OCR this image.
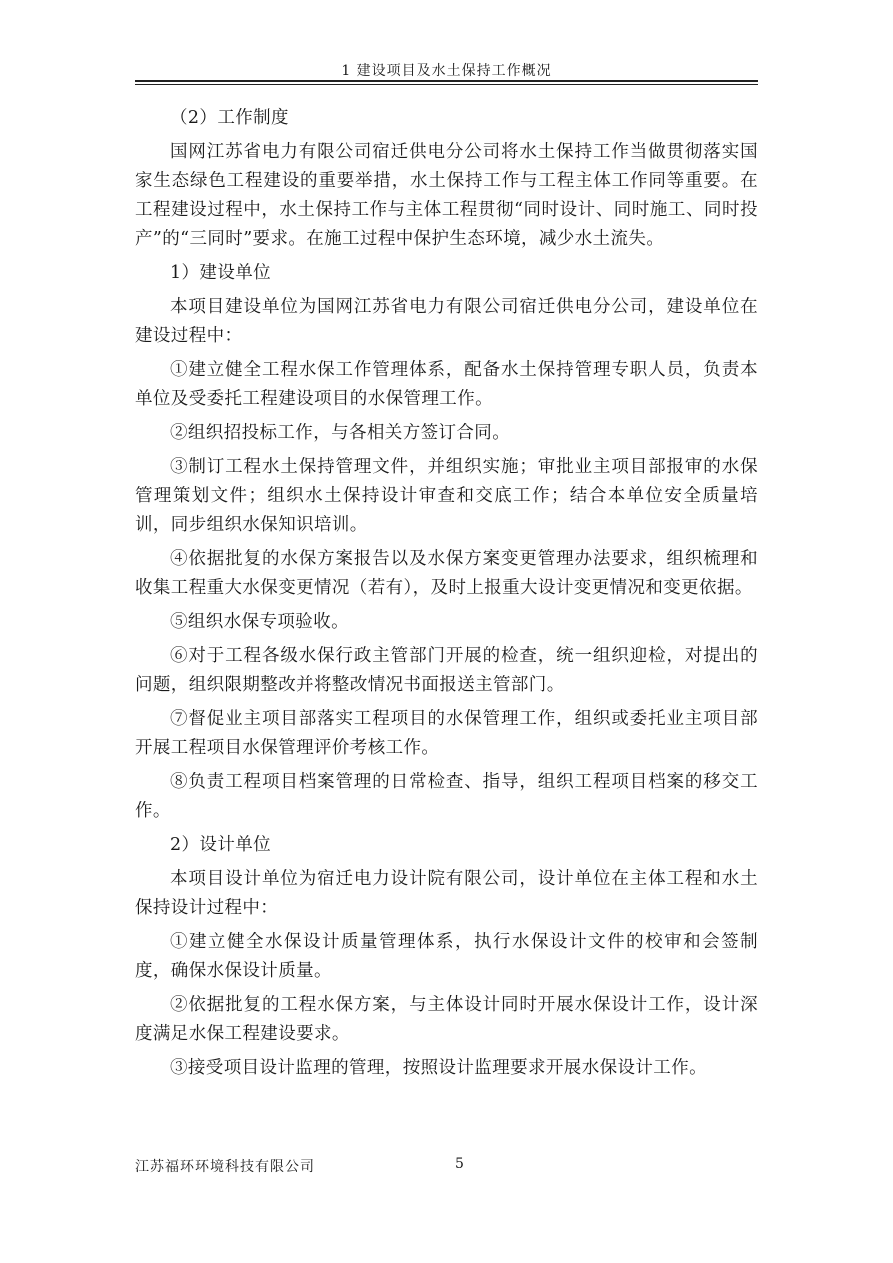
1 建设项目及水土保持工作概况

（2）工作制度

国网江苏省电力有限公司宿迁供电分公司将水土保持工作当做贯彻落实国家生态绿色工程建设的重要举措，水土保持工作与工程主体工作同等重要。在工程建设过程中，水土保持工作与主体工程贯彻“同时设计、同时施工、同时投产”的“三同时”要求。在施工过程中保护生态环境，减少水土流失。

1）建设单位

本项目建设单位为国网江苏省电力有限公司宿迁供电分公司，建设单位在建设过程中：

①建立健全工程水保工作管理体系，配备水土保持管理专职人员，负责本单位及受委托工程建设项目的水保管理工作。

②组织招投标工作，与各相关方签订合同。

③制订工程水土保持管理文件，并组织实施；审批业主项目部报审的水保管理策划文件；组织水土保持设计审查和交底工作；结合本单位安全质量培训，同步组织水保知识培训。

④依据批复的水保方案报告以及水保方案变更管理办法要求，组织梳理和收集工程重大水保变更情况（若有），及时上报重大设计变更情况和变更依据。

⑤组织水保专项验收。

⑥对于工程各级水保行政主管部门开展的检查，统一组织迎检，对提出的问题，组织限期整改并将整改情况书面报送主管部门。

⑦督促业主项目部落实工程项目的水保管理工作，组织或委托业主项目部开展工程项目水保管理评价考核工作。

⑧负责工程项目档案管理的日常检查、指导，组织工程项目档案的移交工作。

2）设计单位

本项目设计单位为宿迁电力设计院有限公司，设计单位在主体工程和水土保持设计过程中：

①建立健全水保设计质量管理体系，执行水保设计文件的校审和会签制度，确保水保设计质量。

②依据批复的工程水保方案，与主体设计同时开展水保设计工作，设计深度满足水保工程建设要求。

③接受项目设计监理的管理，按照设计监理要求开展水保设计工作。

江苏福环环境科技有限公司	5
